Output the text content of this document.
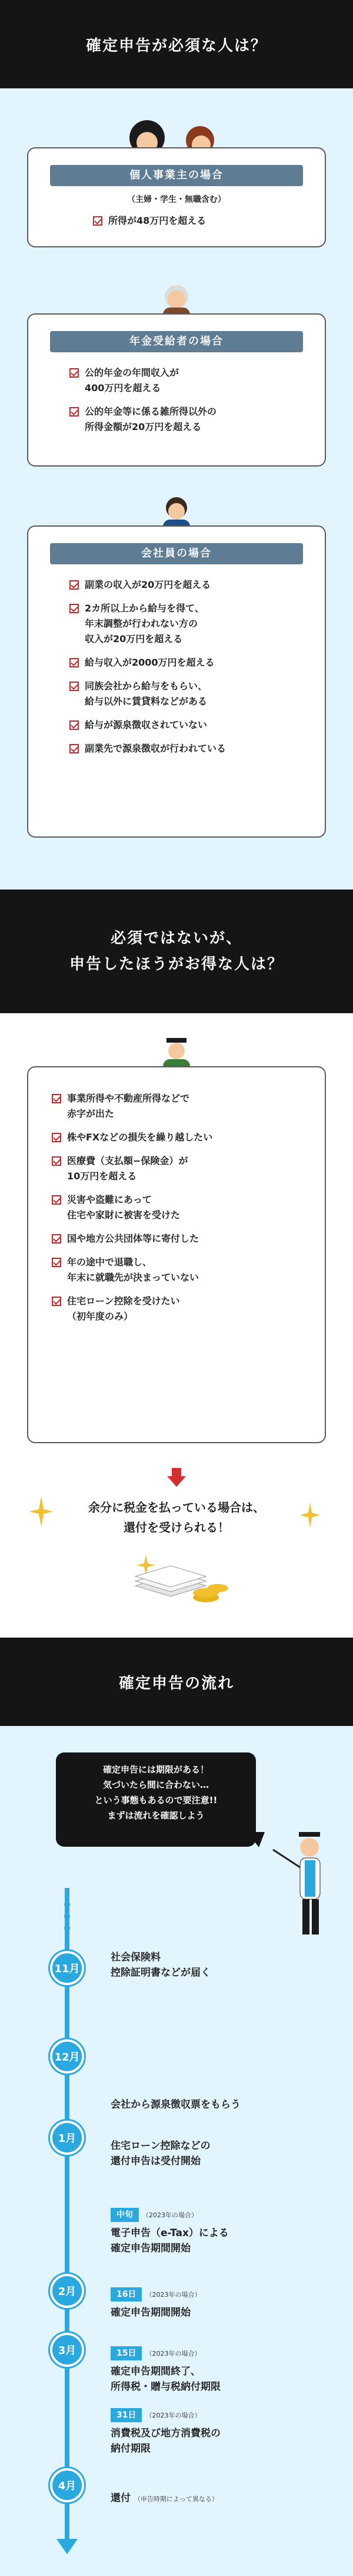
確定申告が必須な人は？
個人事業主の場合
（主婦・学生・無職含む）
所得が48万円を超える
年金受給者の場合
公的年金の年間収入が
400万円を超える
公的年金等に係る雑所得以外の
所得金額が20万円を超える
会社員の場合
副業の収入が20万円を超える
2カ所以上から給与を得て、
年末調整が行われない方の
収入が20万円を超える
給与収入が2000万円を超える
同族会社から給与をもらい、
給与以外に賃貸料などがある
給与が源泉徴収されていない
副業先で源泉徴収が行われている
必須ではないが、
申告したほうがお得な人は？
事業所得や不動産所得などで
赤字が出た
株やFXなどの損失を繰り越したい
医療費（支払額−保険金）が
10万円を超える
災害や盗難にあって
住宅や家財に被害を受けた
国や地方公共団体等に寄付した
年の途中で退職し、
年末に就職先が決まっていない
住宅ローン控除を受けたい
（初年度のみ）
余分に税金を払っている場合は、
還付を受けられる！
確定申告の流れ
確定申告には期限がある！
気づいたら間に合わない…
という事態もあるので要注意!!
まずは流れを確認しよう
11月
12月
1月
2月
3月
4月
社会保険料
控除証明書などが届く
会社から源泉徴収票をもらう
住宅ローン控除などの
還付申告は受付開始

中旬 （2023年の場合）

電子申告（e-Tax）による
確定申告期間開始

16日 （2023年の場合）

確定申告期間開始

15日 （2023年の場合）

確定申告期間終了、
所得税・贈与税納付期限

31日 （2023年の場合）

消費税及び地方消費税の
納付期限

還付 （申告時期によって異なる）
